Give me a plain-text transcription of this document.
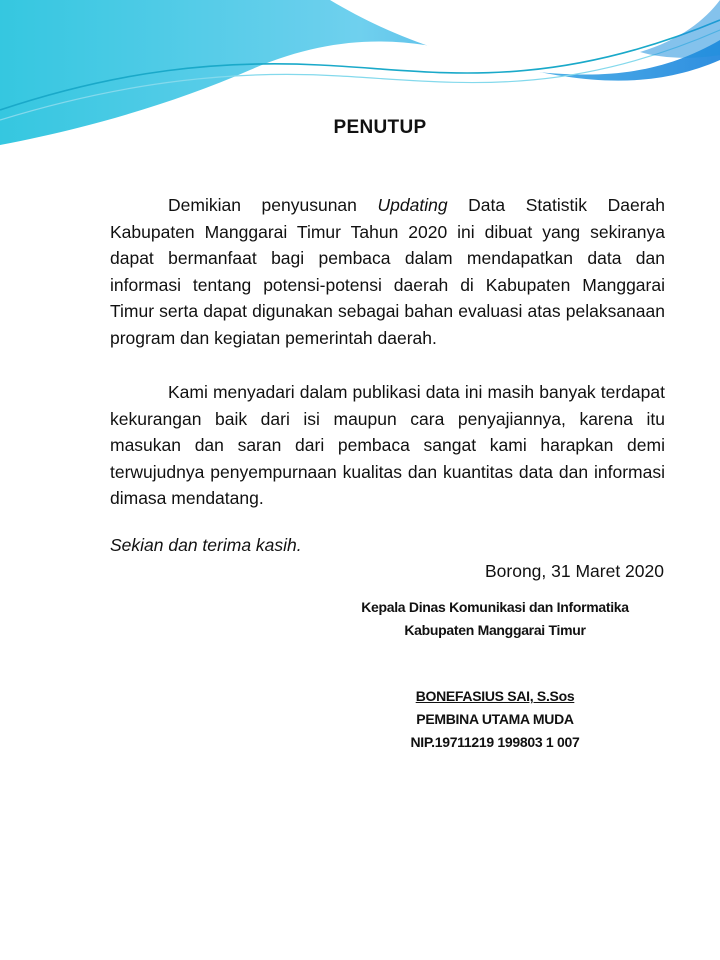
PENUTUP

Demikian penyusunan Updating Data Statistik Daerah Kabupaten Manggarai Timur Tahun 2020 ini dibuat yang sekiranya dapat bermanfaat bagi pembaca dalam mendapatkan data dan informasi tentang potensi-potensi daerah di Kabupaten Manggarai Timur serta dapat digunakan sebagai bahan evaluasi atas pelaksanaan program dan kegiatan pemerintah daerah.

Kami menyadari dalam publikasi data ini masih banyak terdapat kekurangan baik dari isi maupun cara penyajiannya, karena itu masukan dan saran dari pembaca sangat kami harapkan demi terwujudnya penyempurnaan kualitas dan kuantitas data dan informasi dimasa mendatang.

Sekian dan terima kasih.
Borong, 31 Maret 2020
Kepala Dinas Komunikasi dan Informatika
Kabupaten Manggarai Timur
BONEFASIUS SAI, S.Sos
PEMBINA UTAMA MUDA
NIP.19711219 199803 1 007
